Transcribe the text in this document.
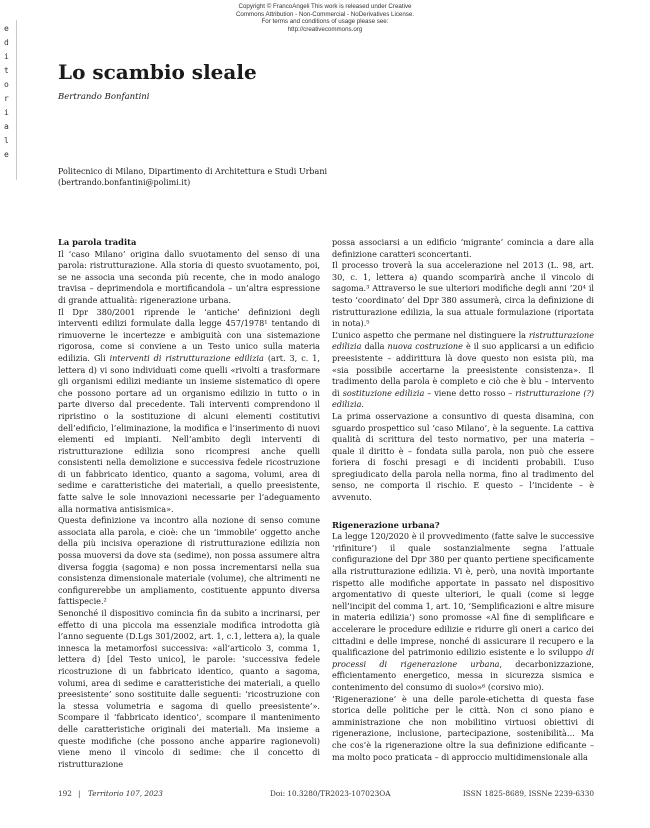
Copyright © FrancoAngeli This work is released under Creative
Commons Attribution - Non-Commercial - NoDerivatives License.
For terms and conditions of usage please see:
http://creativecommons.org
e
d
i
t
o
r
i
a
l
e
Lo scambio sleale
Bertrando Bonfantini
Politecnico di Milano, Dipartimento di Architettura e Studi Urbani
(bertrando.bonfantini@polimi.it)
La parola tradita

Il ‘caso Milano’ origina dallo svuotamento del senso di una parola: ristrutturazione. Alla storia di questo svuotamento, poi, se ne associa una seconda più recente, che in modo analogo travisa – deprimendola e mortificandola – un’altra espressione di grande attualità: rigenerazione urbana.

Il Dpr 380/2001 riprende le ‘antiche’ definizioni degli interventi edilizi formulate dalla legge 457/1978¹ tentando di rimuoverne le incertezze e ambiguità con una sistemazione rigorosa, come si conviene a un Testo unico sulla materia edilizia. Gli interventi di ristrutturazione edilizia (art. 3, c. 1, lettera d) vi sono individuati come quelli «rivolti a trasformare gli organismi edilizi mediante un insieme sistematico di opere che possono portare ad un organismo edilizio in tutto o in parte diverso dal precedente. Tali interventi comprendono il ripristino o la sostituzione di alcuni elementi costitutivi dell’edificio, l’eliminazione, la modifica e l’inserimento di nuovi elementi ed impianti. Nell’ambito degli interventi di ristrutturazione edilizia sono ricompresi anche quelli consistenti nella demolizione e successiva fedele ricostruzione di un fabbricato identico, quanto a sagoma, volumi, area di sedime e caratteristiche dei materiali, a quello preesistente, fatte salve le sole innovazioni necessarie per l’adeguamento alla normativa antisismica».

Questa definizione va incontro alla nozione di senso comune associata alla parola, e cioè: che un ‘immobile’ oggetto anche della più incisiva operazione di ristrutturazione edilizia non possa muoversi da dove sta (sedime), non possa assumere altra diversa foggia (sagoma) e non possa incrementarsi nella sua consistenza dimensionale materiale (volume), che altrimenti ne configurerebbe un ampliamento, costituente appunto diversa fattispecie.²

Senonché il dispositivo comincia fin da subito a incrinarsi, per effetto di una piccola ma essenziale modifica introdotta già l’anno seguente (D.Lgs 301/2002, art. 1, c.1, lettera a), la quale innesca la metamorfosi successiva: «all’articolo 3, comma 1, lettera d) [del Testo unico], le parole: ‘successiva fedele ricostruzione di un fabbricato identico, quanto a sagoma, volumi, area di sedime e caratteristiche dei materiali, a quello preesistente’ sono sostituite dalle seguenti: ‘ricostruzione con la stessa volumetria e sagoma di quello preesistente’». Scompare il ‘fabbricato identico’, scompare il mantenimento delle caratteristiche originali dei materiali. Ma insieme a queste modifiche (che possono anche apparire ragionevoli) viene meno il vincolo di sedime: che il concetto di ristrutturazione

possa associarsi a un edificio ‘migrante’ comincia a dare alla definizione caratteri sconcertanti.

Il processo troverà la sua accelerazione nel 2013 (L. 98, art. 30, c. 1, lettera a) quando scomparirà anche il vincolo di sagoma.³ Attraverso le sue ulteriori modifiche degli anni ’20⁴ il testo ‘coordinato’ del Dpr 380 assumerà, circa la definizione di ristrutturazione edilizia, la sua attuale formulazione (riportata in nota).⁵

L’unico aspetto che permane nel distinguere la ristrutturazione edilizia dalla nuova costruzione è il suo applicarsi a un edificio preesistente – addirittura là dove questo non esista più, ma «sia possibile accertarne la preesistente consistenza». Il tradimento della parola è completo e ciò che è blu – intervento di sostituzione edilizia – viene detto rosso – ristrutturazione (?) edilizia.

La prima osservazione a consuntivo di questa disamina, con sguardo prospettico sul ‘caso Milano’, è la seguente. La cattiva qualità di scrittura del testo normativo, per una materia – quale il diritto è – fondata sulla parola, non può che essere foriera di foschi presagi e di incidenti probabili. L’uso spregiudicato della parola nella norma, fino al tradimento del senso, ne comporta il rischio. E questo – l’incidente – è avvenuto.

Rigenerazione urbana?

La legge 120/2020 è il provvedimento (fatte salve le successive ‘rifiniture’) il quale sostanzialmente segna l’attuale configurazione del Dpr 380 per quanto pertiene specificamente alla ristrutturazione edilizia. Vi è, però, una novità importante rispetto alle modifiche apportate in passato nel dispositivo argomentativo di queste ulteriori, le quali (come si legge nell’incipit del comma 1, art. 10, ‘Semplificazioni e altre misure in materia edilizia’) sono promosse «Al fine di semplificare e accelerare le procedure edilizie e ridurre gli oneri a carico dei cittadini e delle imprese, nonché di assicurare il recupero e la qualificazione del patrimonio edilizio esistente e lo sviluppo di processi di rigenerazione urbana, decarbonizzazione, efficientamento energetico, messa in sicurezza sismica e contenimento del consumo di suolo»⁶ (corsivo mio).

‘Rigenerazione’ è una delle parole-etichetta di questa fase storica delle politiche per le città. Non ci sono piano e amministrazione che non mobilitino virtuosi obiettivi di rigenerazione, inclusione, partecipazione, sostenibilità… Ma che cos’è la rigenerazione oltre la sua definizione edificante – ma molto poco praticata – di approccio multidimensionale alla

192 | Territorio 107, 2023	Doi: 10.3280/TR2023-107023OA	ISSN 1825-8689, ISSNe 2239-6330
